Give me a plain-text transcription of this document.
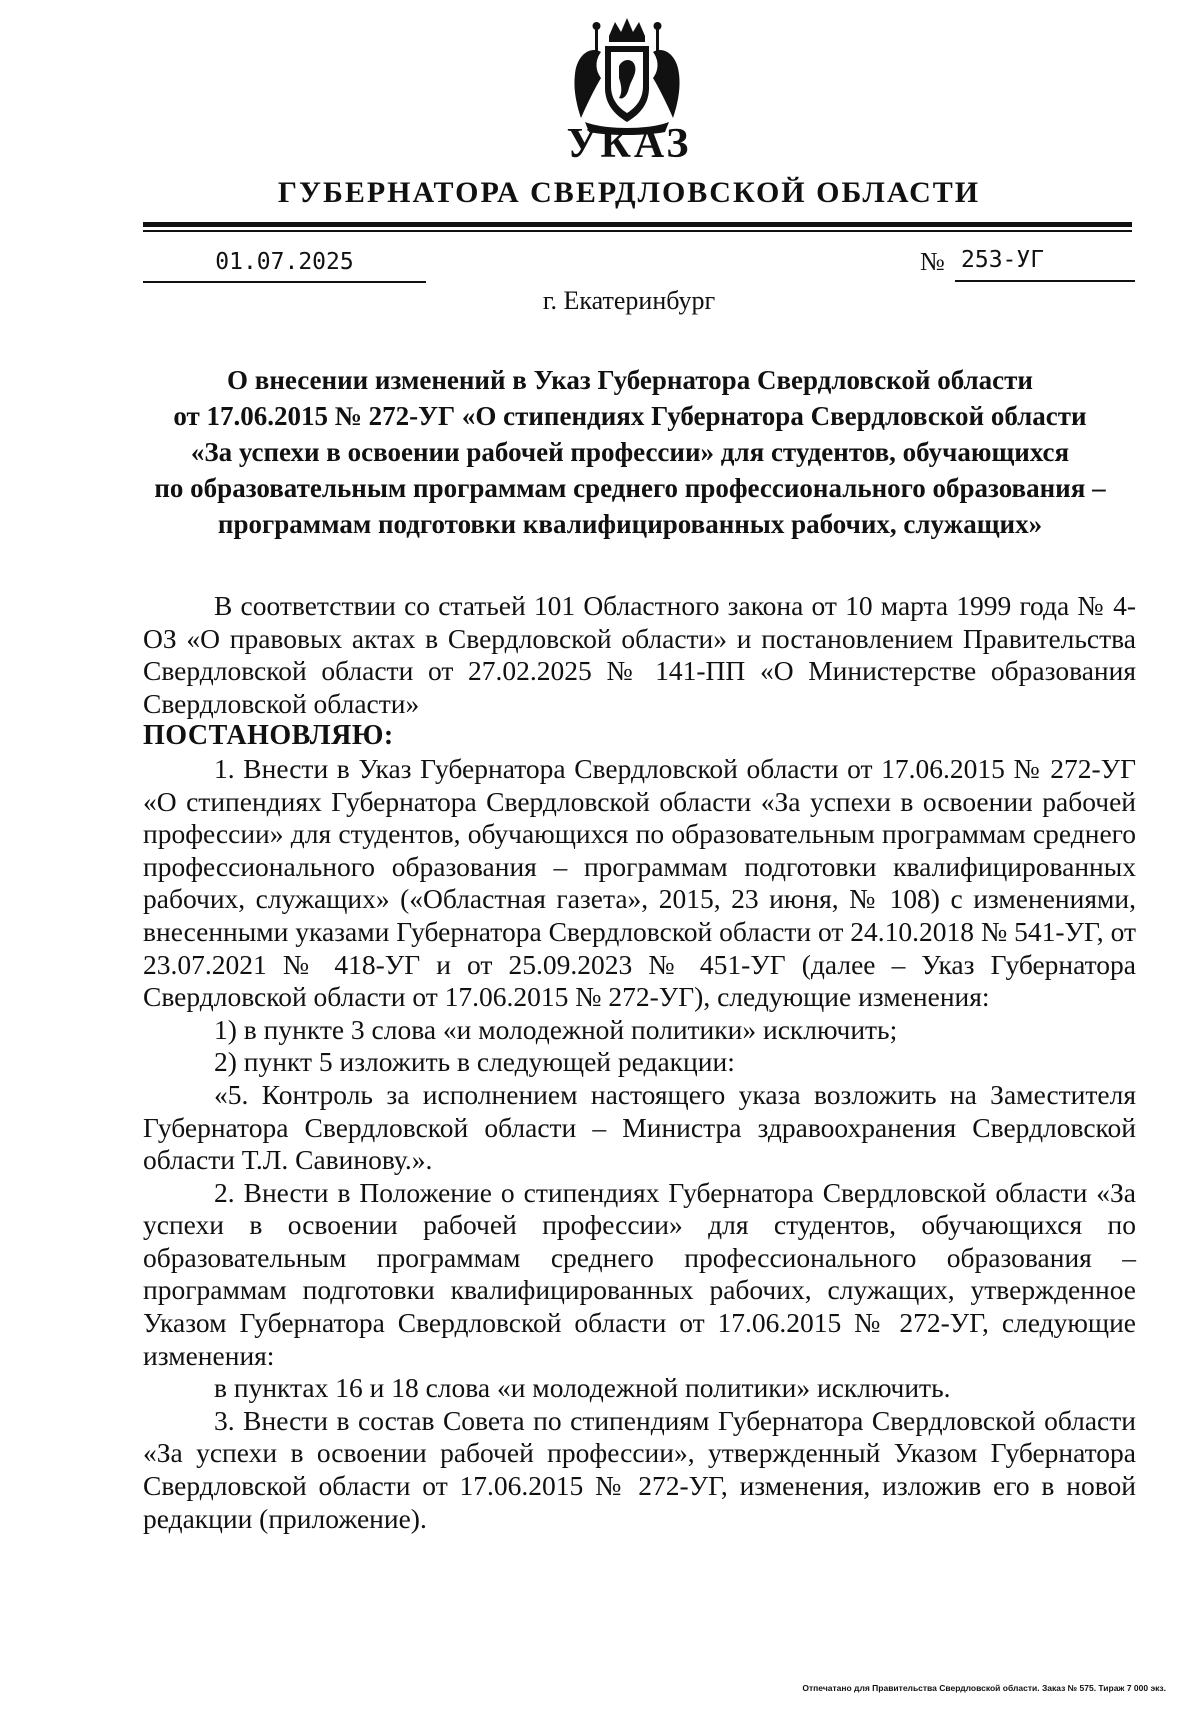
УКАЗ
ГУБЕРНАТОРА СВЕРДЛОВСКОЙ ОБЛАСТИ
01.07.2025	№ 253-УГ
г. Екатеринбург
О внесении изменений в Указ Губернатора Свердловской области
от 17.06.2015 № 272-УГ «О стипендиях Губернатора Свердловской области
«За успехи в освоении рабочей профессии» для студентов, обучающихся
по образовательным программам среднего профессионального образования –
программам подготовки квалифицированных рабочих, служащих»

В соответствии со статьей 101 Областного закона от 10 марта 1999 года № 4-ОЗ «О правовых актах в Свердловской области» и постановлением Правительства Свердловской области от 27.02.2025 № 141-ПП «О Министерстве образования Свердловской области»

ПОСТАНОВЛЯЮ:

1. Внести в Указ Губернатора Свердловской области от 17.06.2015 № 272-УГ «О стипендиях Губернатора Свердловской области «За успехи в освоении рабочей профессии» для студентов, обучающихся по образовательным программам среднего профессионального образования – программам подготовки квалифицированных рабочих, служащих» («Областная газета», 2015, 23 июня, № 108) с изменениями, внесенными указами Губернатора Свердловской области от 24.10.2018 № 541-УГ, от 23.07.2021 № 418-УГ и от 25.09.2023 № 451-УГ (далее – Указ Губернатора Свердловской области от 17.06.2015 № 272-УГ), следующие изменения:

1) в пункте 3 слова «и молодежной политики» исключить;

2) пункт 5 изложить в следующей редакции:

«5. Контроль за исполнением настоящего указа возложить на Заместителя Губернатора Свердловской области – Министра здравоохранения Свердловской области Т.Л. Савинову.».

2. Внести в Положение о стипендиях Губернатора Свердловской области «За успехи в освоении рабочей профессии» для студентов, обучающихся по образовательным программам среднего профессионального образования – программам подготовки квалифицированных рабочих, служащих, утвержденное Указом Губернатора Свердловской области от 17.06.2015 № 272-УГ, следующие изменения:

в пунктах 16 и 18 слова «и молодежной политики» исключить.

3. Внести в состав Совета по стипендиям Губернатора Свердловской области «За успехи в освоении рабочей профессии», утвержденный Указом Губернатора Свердловской области от 17.06.2015 № 272-УГ, изменения, изложив его в новой редакции (приложение).

Отпечатано для Правительства Свердловской области. Заказ № 575. Тираж 7 000 экз.
